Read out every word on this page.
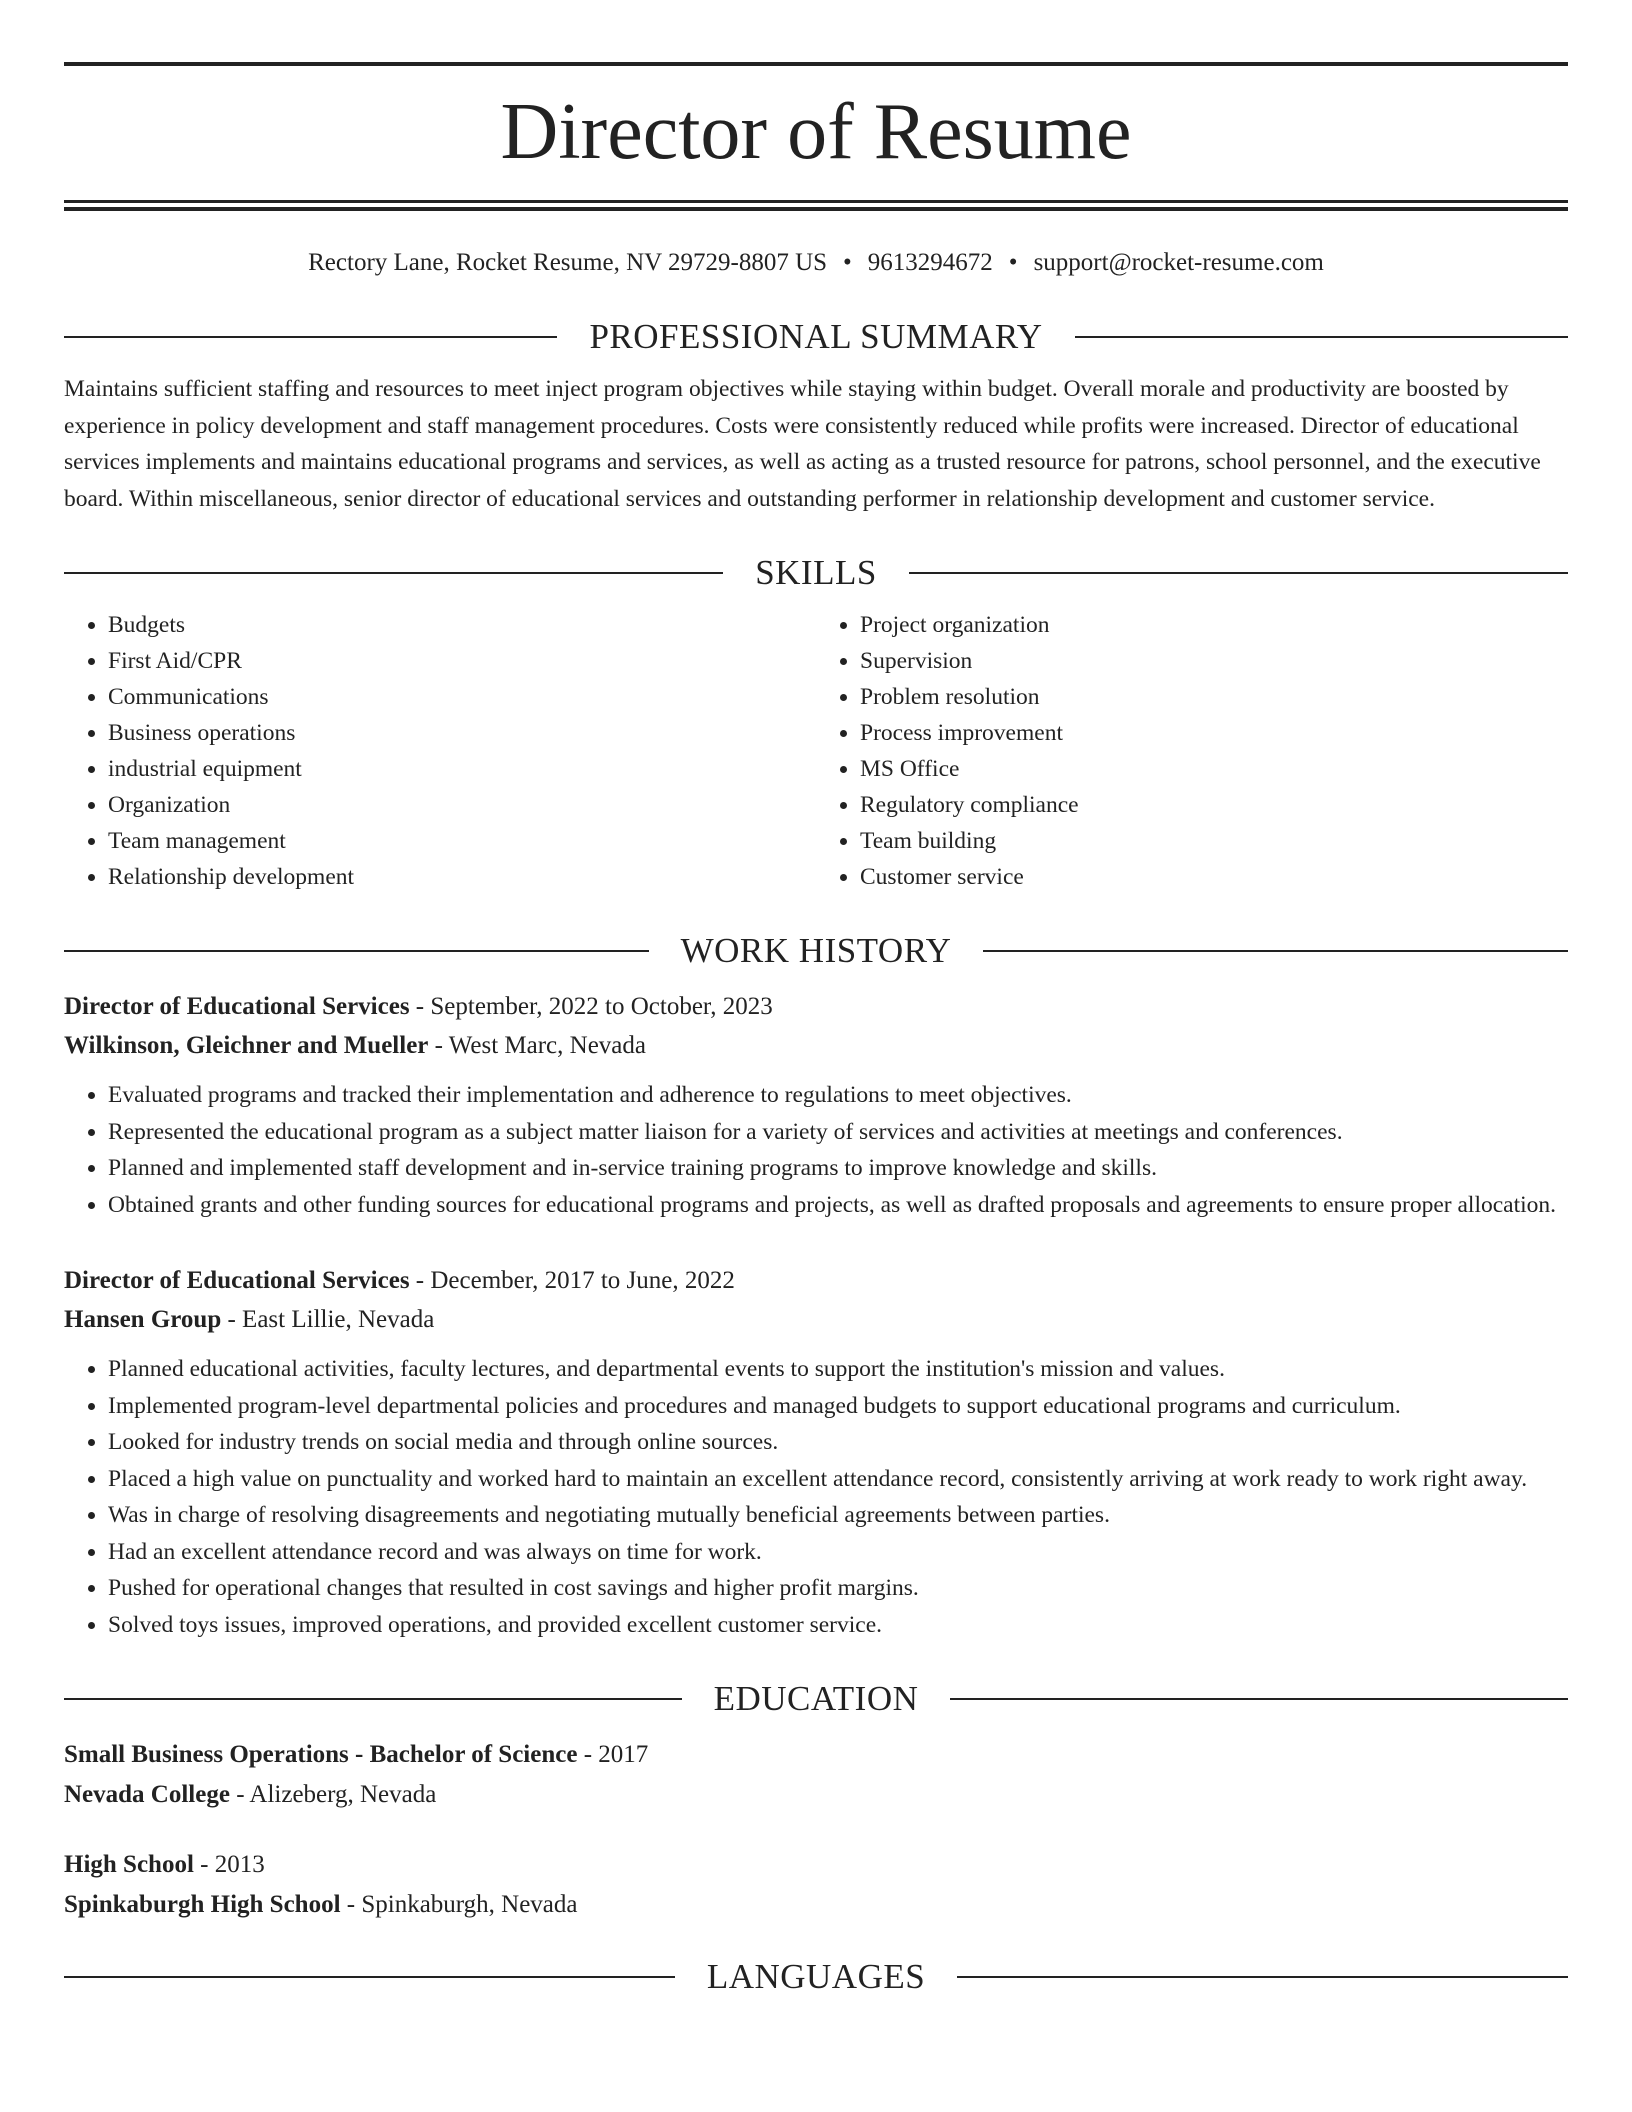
Director of Resume
Rectory Lane, Rocket Resume, NV 29729-8807 US • 9613294672 • support@rocket-resume.com
PROFESSIONAL SUMMARY

Maintains sufficient staffing and resources to meet inject program objectives while staying within budget. Overall morale and productivity are boosted by experience in policy development and staff management procedures. Costs were consistently reduced while profits were increased. Director of educational services implements and maintains educational programs and services, as well as acting as a trusted resource for patrons, school personnel, and the executive board. Within miscellaneous, senior director of educational services and outstanding performer in relationship development and customer service.

SKILLS
• Budgets
• First Aid/CPR
• Communications
• Business operations
• industrial equipment
• Organization
• Team management
• Relationship development
• Project organization
• Supervision
• Problem resolution
• Process improvement
• MS Office
• Regulatory compliance
• Team building
• Customer service
WORK HISTORY
Director of Educational Services - September, 2022 to October, 2023
Wilkinson, Gleichner and Mueller - West Marc, Nevada
• Evaluated programs and tracked their implementation and adherence to regulations to meet objectives.
• Represented the educational program as a subject matter liaison for a variety of services and activities at meetings and conferences.
• Planned and implemented staff development and in-service training programs to improve knowledge and skills.
• Obtained grants and other funding sources for educational programs and projects, as well as drafted proposals and agreements to ensure proper allocation.
Director of Educational Services - December, 2017 to June, 2022
Hansen Group - East Lillie, Nevada
• Planned educational activities, faculty lectures, and departmental events to support the institution's mission and values.
• Implemented program-level departmental policies and procedures and managed budgets to support educational programs and curriculum.
• Looked for industry trends on social media and through online sources.
• Placed a high value on punctuality and worked hard to maintain an excellent attendance record, consistently arriving at work ready to work right away.
• Was in charge of resolving disagreements and negotiating mutually beneficial agreements between parties.
• Had an excellent attendance record and was always on time for work.
• Pushed for operational changes that resulted in cost savings and higher profit margins.
• Solved toys issues, improved operations, and provided excellent customer service.
EDUCATION
Small Business Operations - Bachelor of Science - 2017
Nevada College - Alizeberg, Nevada
High School - 2013
Spinkaburgh High School - Spinkaburgh, Nevada
LANGUAGES
